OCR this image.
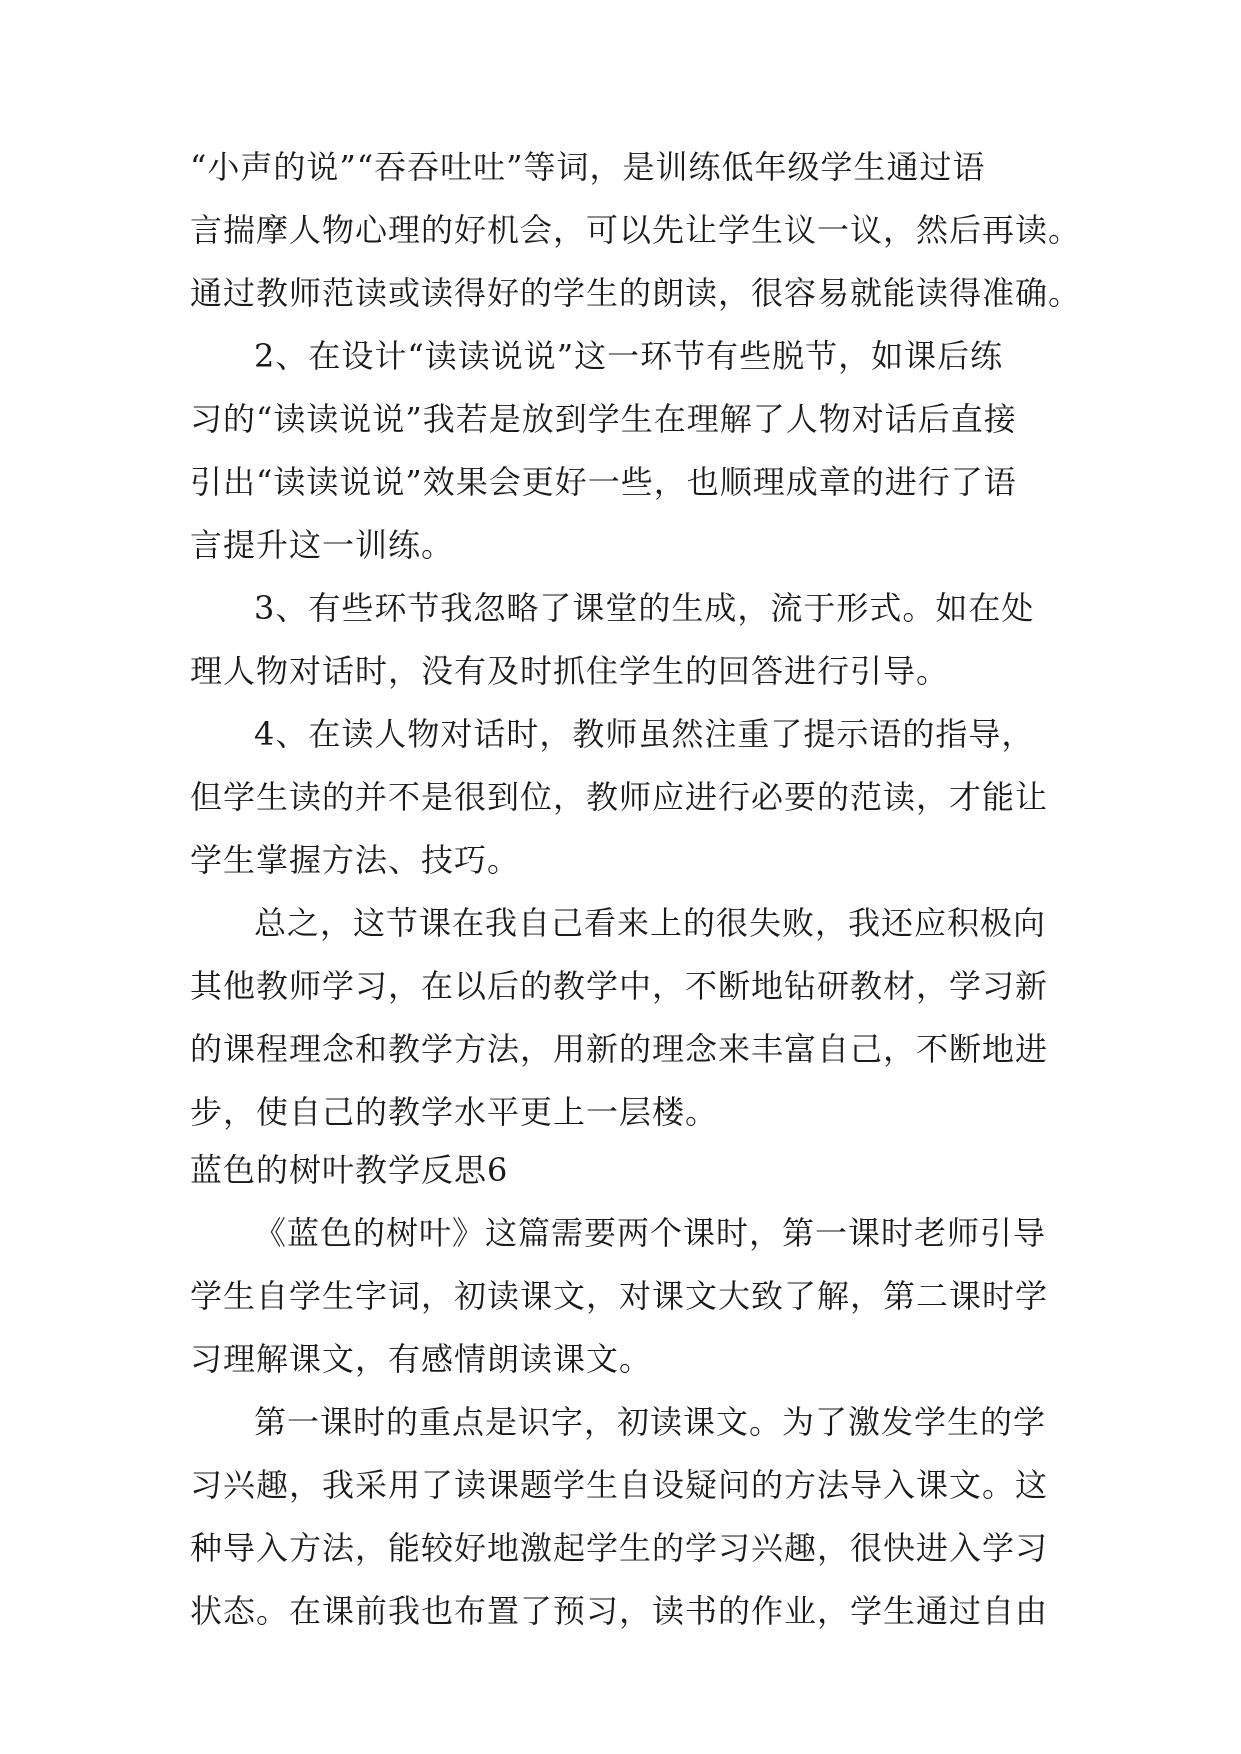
“小声的说”“吞吞吐吐”等词，是训练低年级学生通过语
言揣摩人物心理的好机会，可以先让学生议一议，然后再读。
通过教师范读或读得好的学生的朗读，很容易就能读得准确。
2、在设计“读读说说”这一环节有些脱节，如课后练
习的“读读说说”我若是放到学生在理解了人物对话后直接
引出“读读说说”效果会更好一些，也顺理成章的进行了语
言提升这一训练。
3、有些环节我忽略了课堂的生成，流于形式。如在处
理人物对话时，没有及时抓住学生的回答进行引导。
4、在读人物对话时，教师虽然注重了提示语的指导，
但学生读的并不是很到位，教师应进行必要的范读，才能让
学生掌握方法、技巧。
总之，这节课在我自己看来上的很失败，我还应积极向
其他教师学习，在以后的教学中，不断地钻研教材，学习新
的课程理念和教学方法，用新的理念来丰富自己，不断地进
步，使自己的教学水平更上一层楼。
蓝色的树叶教学反思6
《蓝色的树叶》这篇需要两个课时，第一课时老师引导
学生自学生字词，初读课文，对课文大致了解，第二课时学
习理解课文，有感情朗读课文。
第一课时的重点是识字，初读课文。为了激发学生的学
习兴趣，我采用了读课题学生自设疑问的方法导入课文。这
种导入方法，能较好地激起学生的学习兴趣，很快进入学习
状态。在课前我也布置了预习，读书的作业，学生通过自由
